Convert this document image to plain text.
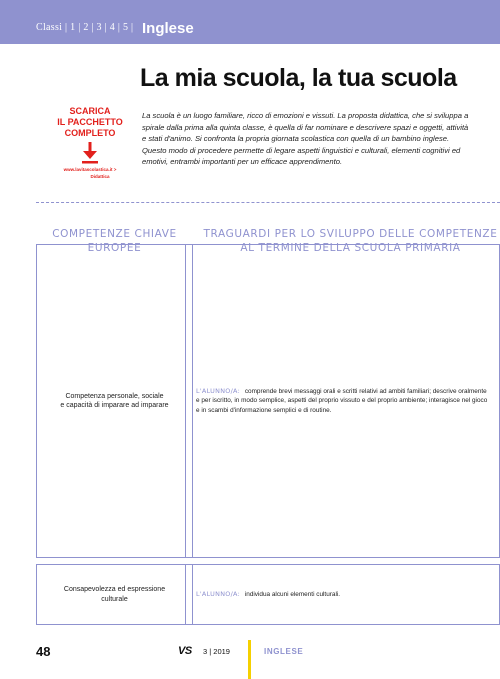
Classi | 1 | 2 | 3 | 4 | 5 | Inglese
La mia scuola, la tua scuola
SCARICA
IL PACCHETTO
COMPLETO
www.lavitascolastica.it >
Didattica

La scuola è un luogo familiare, ricco di emozioni e vissuti. La proposta didattica, che si sviluppa a spirale dalla prima alla quinta classe, è quella di far nominare e descrivere spazi e oggetti, attività e stati d'animo. Si confronta la propria giornata scolastica con quella di un bambino inglese. Questo modo di procedere permette di legare aspetti linguistici e culturali, elementi cognitivi ed emotivi, entrambi importanti per un efficace apprendimento.

COMPETENZE CHIAVE
EUROPEE
TRAGUARDI PER LO SVILUPPO DELLE COMPETENZE
AL TERMINE DELLA SCUOLA PRIMARIA
Competenza personale, sociale
e capacità di imparare ad imparare
L'ALUNNO/A: comprende brevi messaggi orali e scritti relativi ad ambiti familiari; descrive oralmente e per iscritto, in modo semplice, aspetti del proprio vissuto e del proprio ambiente; interagisce nel gioco e in scambi d'informazione semplici e di routine.
Consapevolezza ed espressione
culturale
L'ALUNNO/A: individua alcuni elementi culturali.
48	VS 3 | 2019	INGLESE
